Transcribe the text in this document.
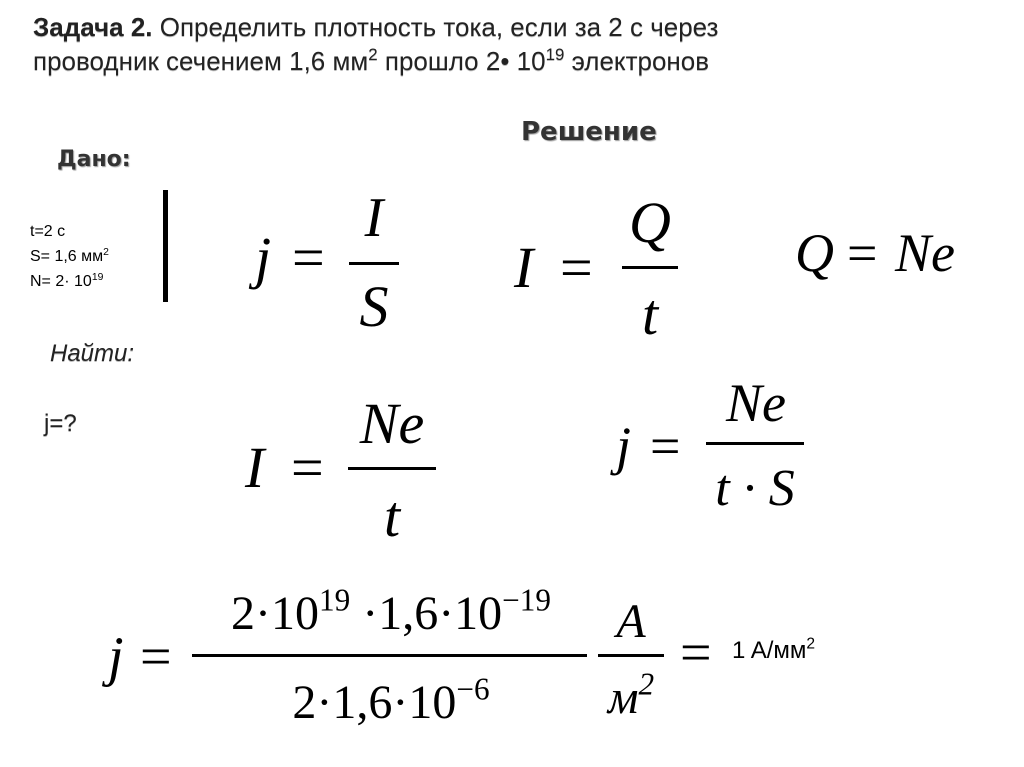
Задача 2. Определить плотность тока, если за 2 с через
проводник сечением 1,6 $мм^2$ прошло 2• $10^{19}$ электронов
Решение
Дано:
t=2 с
S= 1,6 $мм^2$
$N= 2\cdot 10^{19}$
Найти:
j=?
j =
I
S
I =
Q
t
Q = Ne
I =
Ne
t
j =
Ne
t · S
j =
$2\cdot 10^{19} \cdot 1,6\cdot 10^{-19}$
$2\cdot 1,6\cdot 10^{-6}$
A
$м^2 = 1$ $A/мм^2$
